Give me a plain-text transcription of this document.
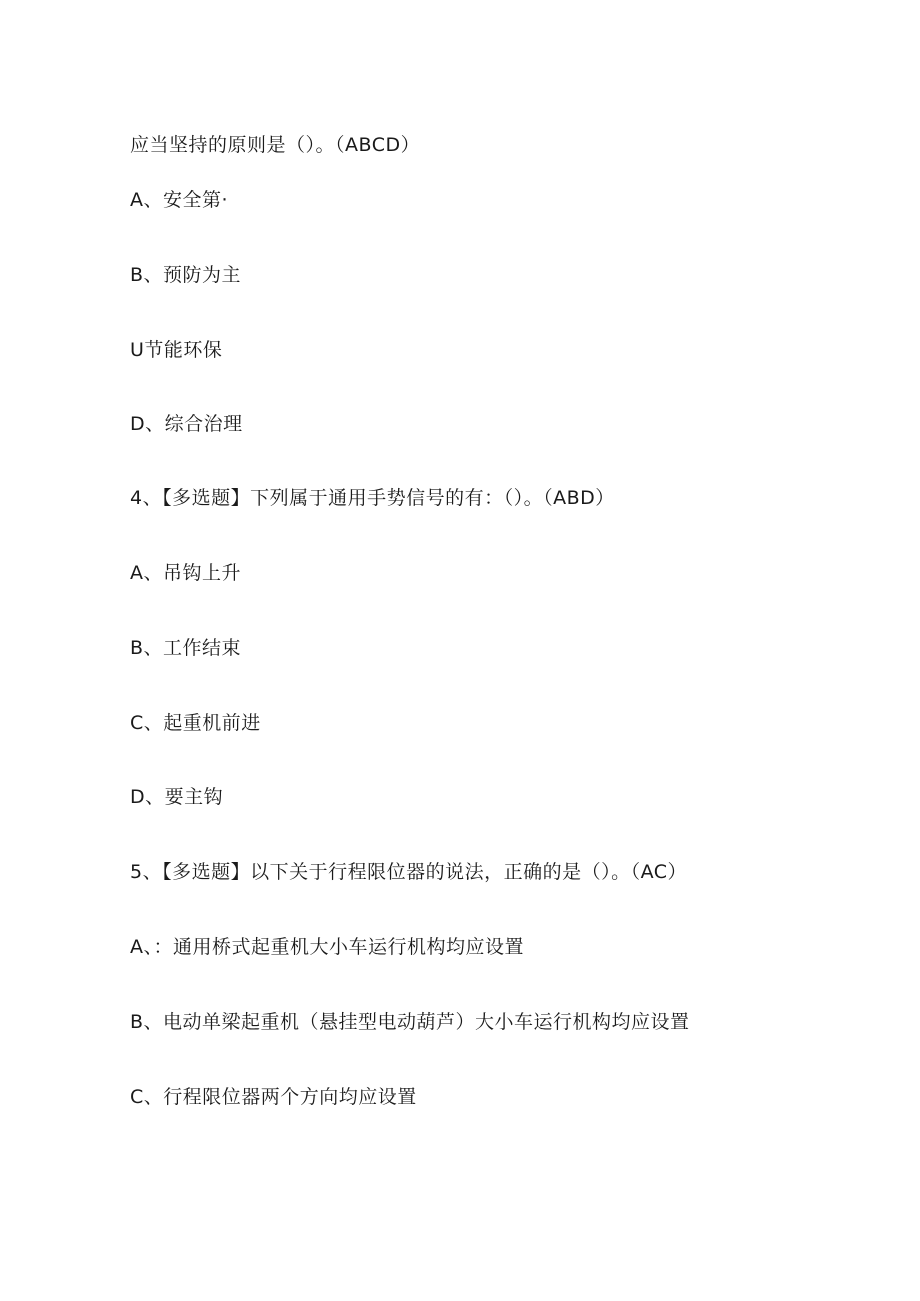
应当坚持的原则是（）。（ABCD）
A、安全第·
B、预防为主
U节能环保
D、综合治理
4、【多选题】下列属于通用手势信号的有：（）。（ABD）
A、吊钩上升
B、工作结束
C、起重机前进
D、要主钩
5、【多选题】以下关于行程限位器的说法，正确的是（）。（AC）
A、：通用桥式起重机大小车运行机构均应设置
B、电动单梁起重机（悬挂型电动葫芦）大小车运行机构均应设置
C、行程限位器两个方向均应设置
